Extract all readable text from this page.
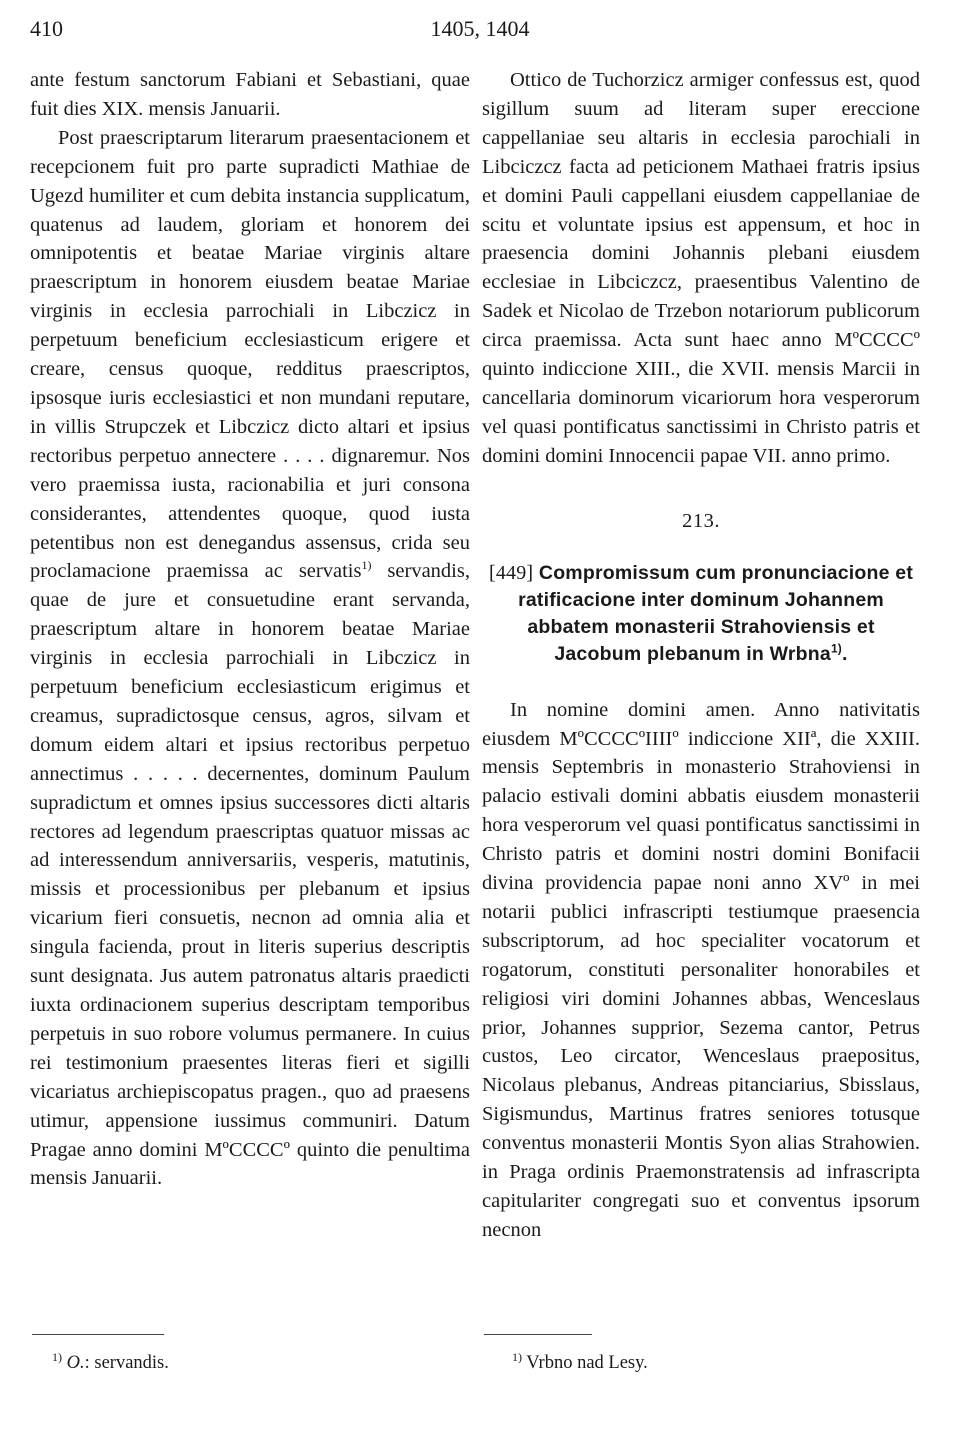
410	1405, 1404

ante festum sanctorum Fabiani et Sebastiani, quae fuit dies XIX. mensis Januarii.

Post praescriptarum literarum praesentacionem et recepcionem fuit pro parte supradicti Mathiae de Ugezd humiliter et cum debita instancia supplicatum, quatenus ad laudem, gloriam et honorem dei omnipotentis et beatae Mariae virginis altare praescriptum in honorem eiusdem beatae Mariae virginis in ecclesia parrochiali in Libczicz in perpetuum beneficium ecclesiasticum erigere et creare, census quoque, redditus praescriptos, ipsosque iuris ecclesiastici et non mundani reputare, in villis Strupczek et Libczicz dicto altari et ipsius rectoribus perpetuo annectere . . . . dignaremur. Nos vero praemissa iusta, racionabilia et juri consona considerantes, attendentes quoque, quod iusta petentibus non est denegandus assensus, crida seu proclamacione praemissa ac servatis$^{1)}$ servandis, quae de jure et consuetudine erant servanda, praescriptum altare in honorem beatae Mariae virginis in ecclesia parrochiali in Libczicz in perpetuum beneficium ecclesiasticum erigimus et creamus, supradictosque census, agros, silvam et domum eidem altari et ipsius rectoribus perpetuo annectimus . . . . . decernentes, dominum Paulum supradictum et omnes ipsius successores dicti altaris rectores ad legendum praescriptas quatuor missas ac ad interessendum anniversariis, vesperis, matutinis, missis et processionibus per plebanum et ipsius vicarium fieri consuetis, necnon ad omnia alia et singula facienda, prout in literis superius descriptis sunt designata. Jus autem patronatus altaris praedicti iuxta ordinacionem superius descriptam temporibus perpetuis in suo robore volumus permanere. In cuius rei testimonium praesentes literas fieri et sigilli vicariatus archiepiscopatus pragen., quo ad praesens utimur, appensione iussimus communiri. Datum Pragae anno domini MºCCCCº quinto die penultima mensis Januarii.

Ottico de Tuchorzicz armiger confessus est, quod sigillum suum ad literam super ereccione cappellaniae seu altaris in ecclesia parochiali in Libciczcz facta ad peticionem Mathaei fratris ipsius et domini Pauli cappellani eiusdem cappellaniae de scitu et voluntate ipsius est appensum, et hoc in praesencia domini Johannis plebani eiusdem ecclesiae in Libciczcz, praesentibus Valentino de Sadek et Nicolao de Trzebon notariorum publicorum circa praemissa. Acta sunt haec anno MºCCCCº quinto indiccione XIII., die XVII. mensis Marcii in cancellaria dominorum vicariorum hora vesperorum vel quasi pontificatus sanctissimi in Christo patris et domini domini Innocencii papae VII. anno primo.

213.

[449] Compromissum cum pronunciacione et ratificacione inter dominum Johannem abbatem monasterii Strahoviensis et Jacobum plebanum in Wrbna$^{1)}$.

In nomine domini amen. Anno nativitatis eiusdem MºCCCCºIIIIº indiccione XIIª, die XXIII. mensis Septembris in monasterio Strahoviensi in palacio estivali domini abbatis eiusdem monasterii hora vesperorum vel quasi pontificatus sanctissimi in Christo patris et domini nostri domini Bonifacii divina providencia papae noni anno XVº in mei notarii publici infrascripti testiumque praesencia subscriptorum, ad hoc specialiter vocatorum et rogatorum, constituti personaliter honorabiles et religiosi viri domini Johannes abbas, Wenceslaus prior, Johannes supprior, Sezema cantor, Petrus custos, Leo circator, Wenceslaus praepositus, Nicolaus plebanus, Andreas pitanciarius, Sbisslaus, Sigismundus, Martinus fratres seniores totusque conventus monasterii Montis Syon alias Strahowien. in Praga ordinis Praemonstratensis ad infrascripta capitulariter congregati suo et conventus ipsorum necnon

$^{1)}$ O.: servandis.	$^{1)}$ Vrbno nad Lesy.
